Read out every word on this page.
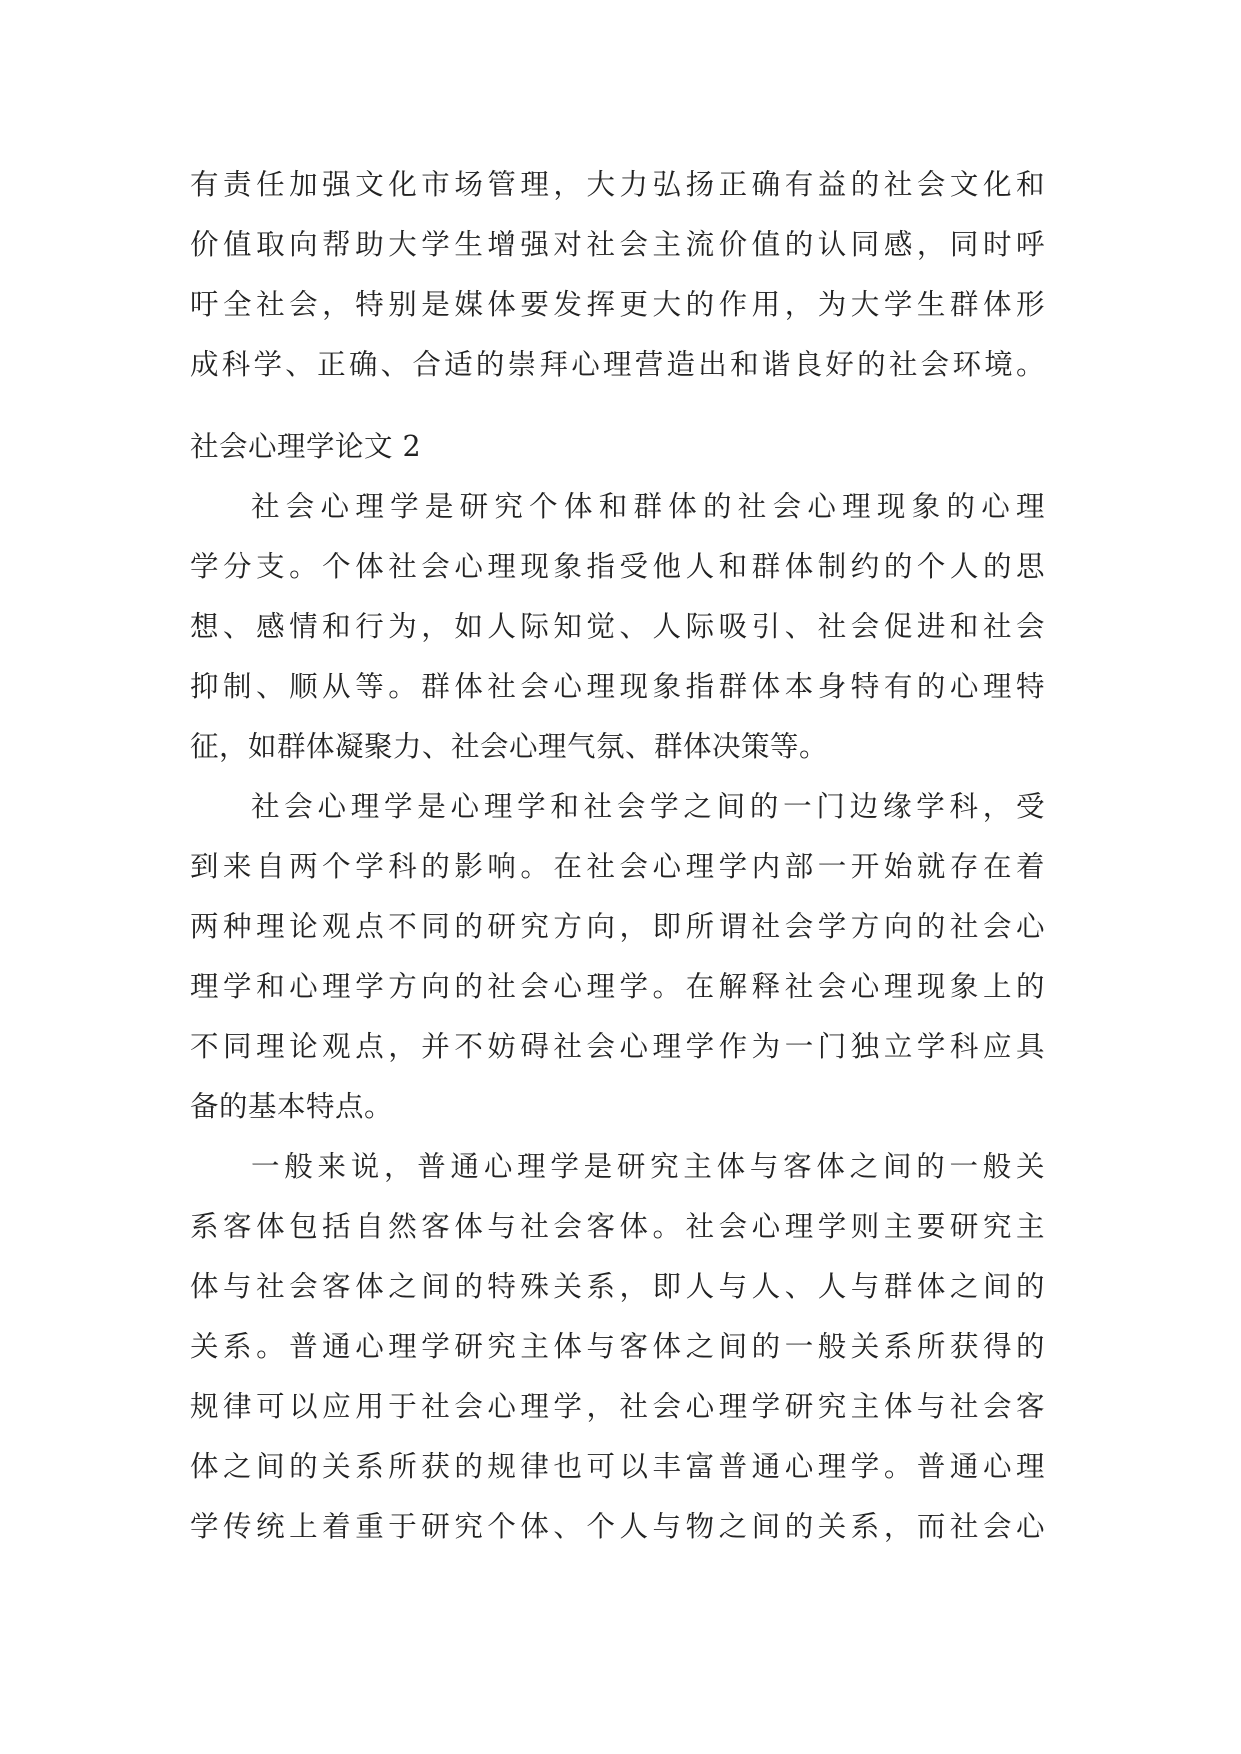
有责任加强文化市场管理，大力弘扬正确有益的社会文化和
价值取向帮助大学生增强对社会主流价值的认同感，同时呼
吁全社会，特别是媒体要发挥更大的作用，为大学生群体形
成科学、正确、合适的崇拜心理营造出和谐良好的社会环境。
社会心理学论文 2
社会心理学是研究个体和群体的社会心理现象的心理
学分支。个体社会心理现象指受他人和群体制约的个人的思
想、感情和行为，如人际知觉、人际吸引、社会促进和社会
抑制、顺从等。群体社会心理现象指群体本身特有的心理特
征，如群体凝聚力、社会心理气氛、群体决策等。
社会心理学是心理学和社会学之间的一门边缘学科，受
到来自两个学科的影响。在社会心理学内部一开始就存在着
两种理论观点不同的研究方向，即所谓社会学方向的社会心
理学和心理学方向的社会心理学。在解释社会心理现象上的
不同理论观点，并不妨碍社会心理学作为一门独立学科应具
备的基本特点。
一般来说，普通心理学是研究主体与客体之间的一般关
系客体包括自然客体与社会客体。社会心理学则主要研究主
体与社会客体之间的特殊关系，即人与人、人与群体之间的
关系。普通心理学研究主体与客体之间的一般关系所获得的
规律可以应用于社会心理学，社会心理学研究主体与社会客
体之间的关系所获的规律也可以丰富普通心理学。普通心理
学传统上着重于研究个体、个人与物之间的关系，而社会心
